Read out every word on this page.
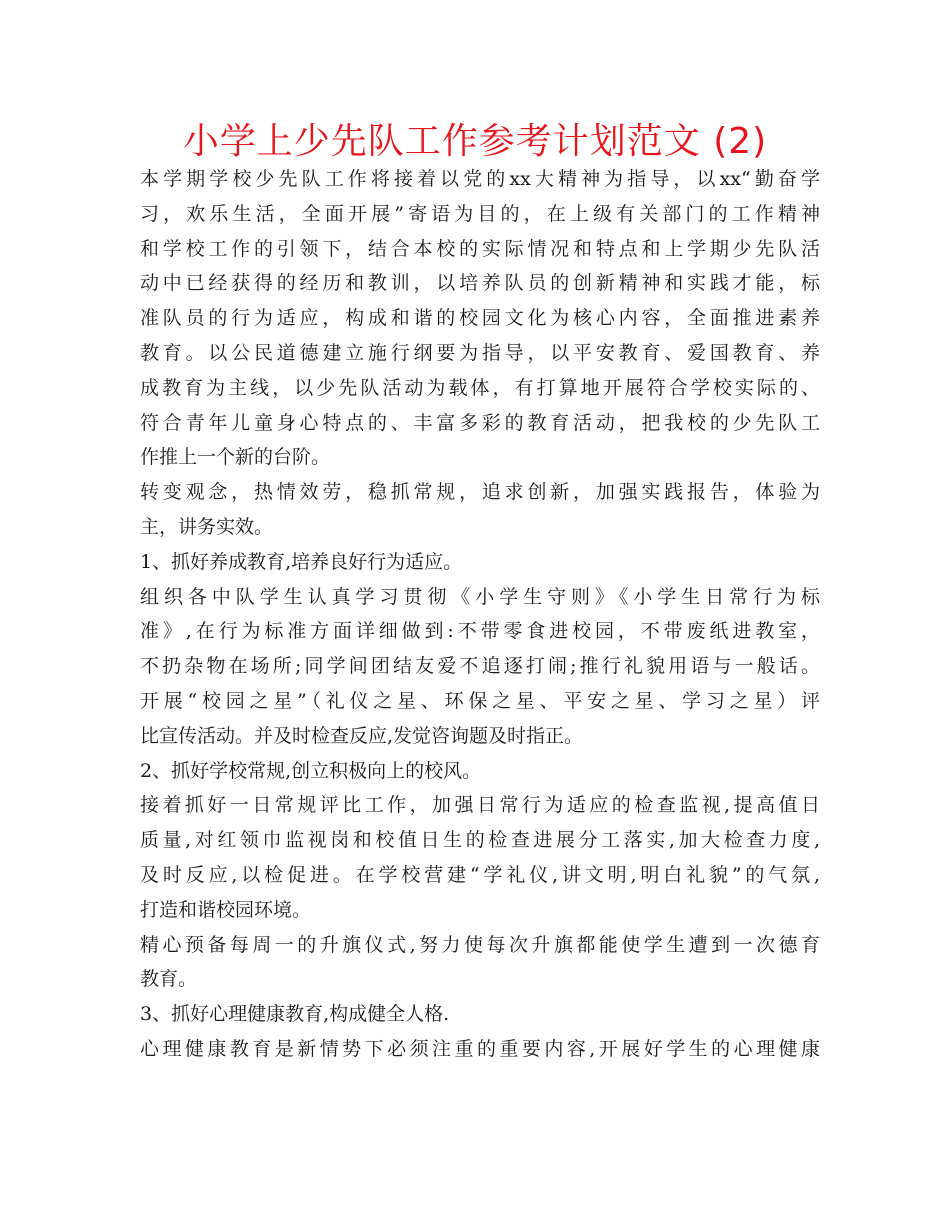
小学上少先队工作参考计划范文 (2)
本学期学校少先队工作将接着以党的xx大精神为指导，以xx“勤奋学
习，欢乐生活，全面开展”寄语为目的，在上级有关部门的工作精神
和学校工作的引领下，结合本校的实际情况和特点和上学期少先队活
动中已经获得的经历和教训，以培养队员的创新精神和实践才能，标
准队员的行为适应，构成和谐的校园文化为核心内容，全面推进素养
教育。以公民道德建立施行纲要为指导，以平安教育、爱国教育、养
成教育为主线，以少先队活动为载体，有打算地开展符合学校实际的、
符合青年儿童身心特点的、丰富多彩的教育活动，把我校的少先队工
作推上一个新的台阶。
转变观念，热情效劳，稳抓常规，追求创新，加强实践报告，体验为
主，讲务实效。
1、抓好养成教育,培养良好行为适应。
组织各中队学生认真学习贯彻《小学生守则》《小学生日常行为标
准》,在行为标准方面详细做到:不带零食进校园，不带废纸进教室，
不扔杂物在场所;同学间团结友爱不追逐打闹;推行礼貌用语与一般话。
开展“校园之星”（礼仪之星、环保之星、平安之星、学习之星）评
比宣传活动。并及时检查反应,发觉咨询题及时指正。
2、抓好学校常规,创立积极向上的校风。
接着抓好一日常规评比工作，加强日常行为适应的检查监视,提高值日
质量,对红领巾监视岗和校值日生的检查进展分工落实,加大检查力度,
及时反应,以检促进。在学校营建“学礼仪,讲文明,明白礼貌”的气氛,
打造和谐校园环境。
精心预备每周一的升旗仪式,努力使每次升旗都能使学生遭到一次德育
教育。
3、抓好心理健康教育,构成健全人格.
心理健康教育是新情势下必须注重的重要内容,开展好学生的心理健康
